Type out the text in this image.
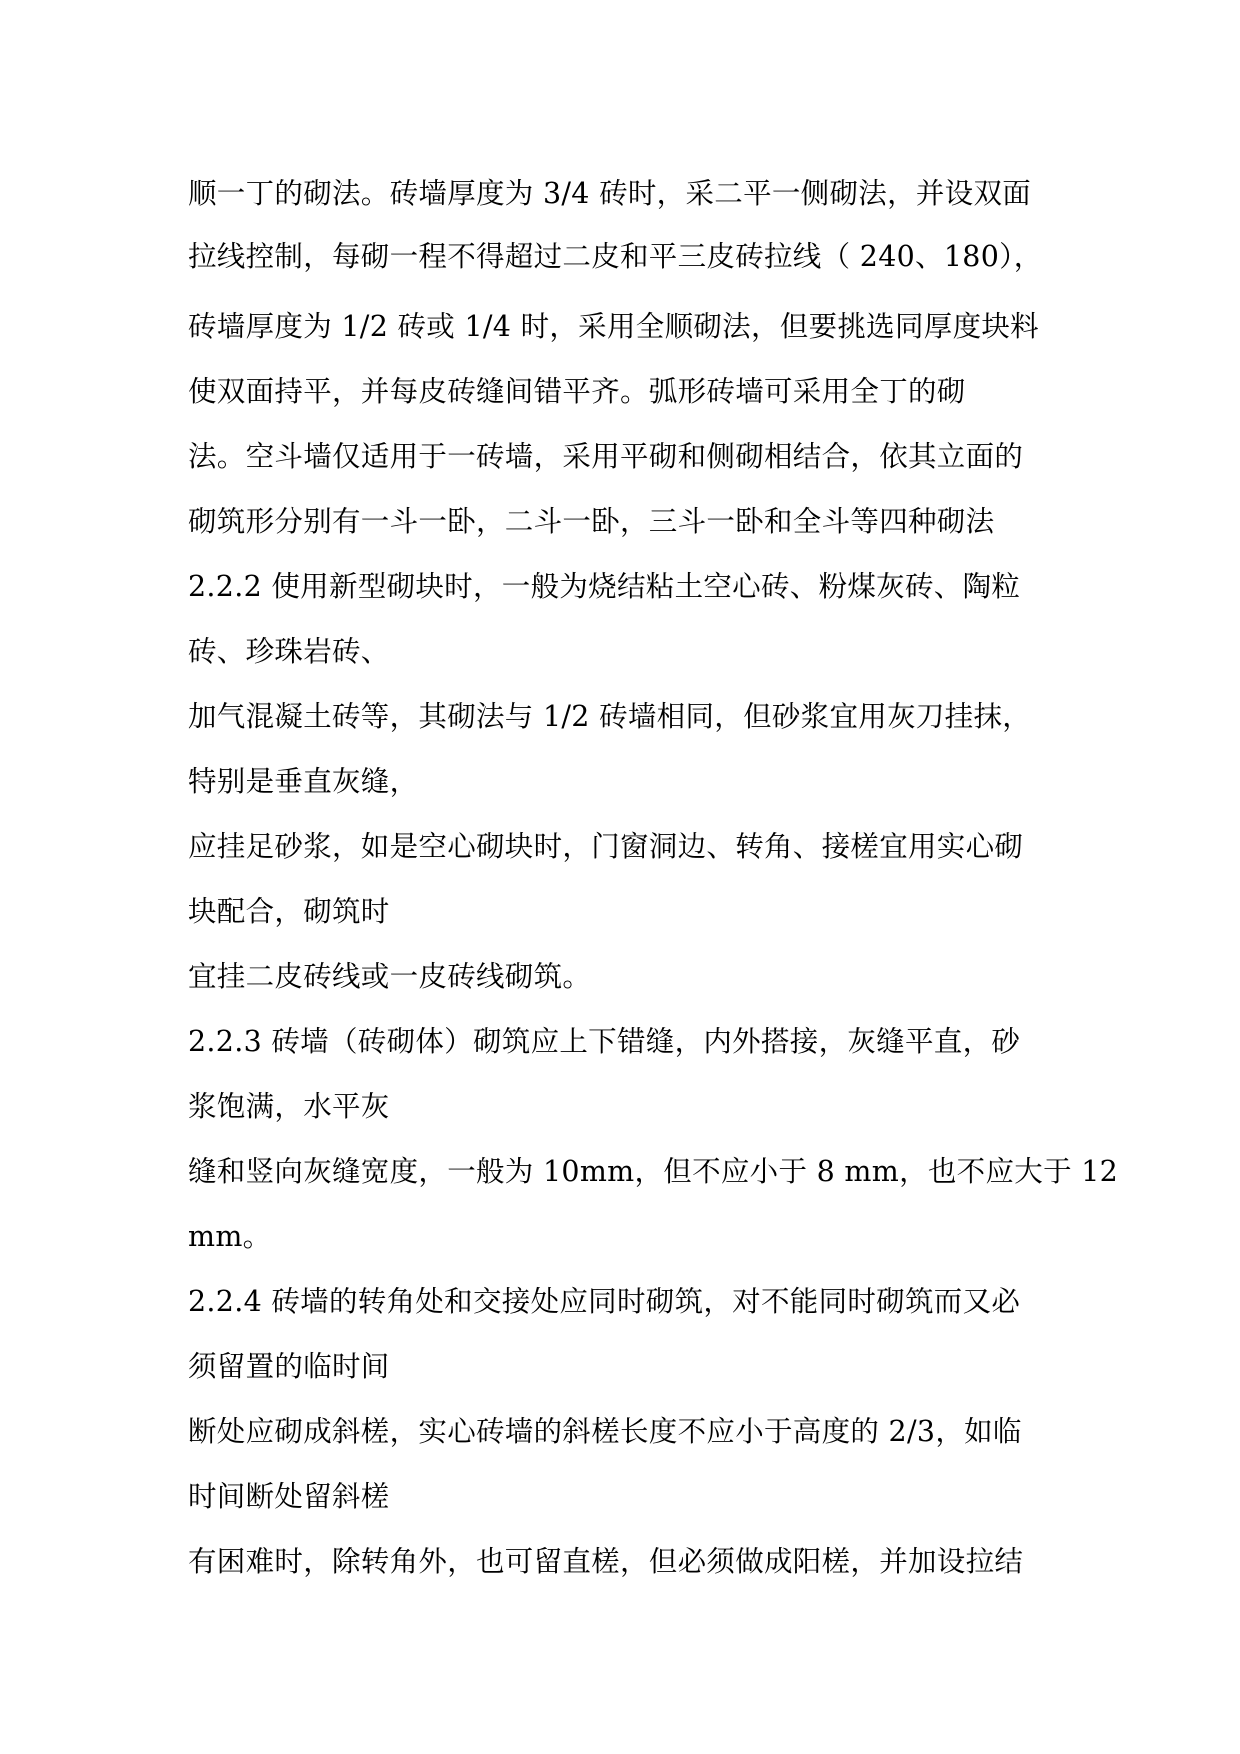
顺一丁的砌法。砖墙厚度为 3/4 砖时，采二平一侧砌法，并设双面
拉线控制，每砌一程不得超过二皮和平三皮砖拉线（ 240、180），
砖墙厚度为 1/2 砖或 1/4 时，采用全顺砌法，但要挑选同厚度块料
使双面持平，并每皮砖缝间错平齐。弧形砖墙可采用全丁的砌
法。空斗墙仅适用于一砖墙，采用平砌和侧砌相结合，依其立面的
砌筑形分别有一斗一卧，二斗一卧，三斗一卧和全斗等四种砌法
2.2.2 使用新型砌块时，一般为烧结粘土空心砖、粉煤灰砖、陶粒
砖、珍珠岩砖、
加气混凝土砖等，其砌法与 1/2 砖墙相同，但砂浆宜用灰刀挂抹，
特别是垂直灰缝，
应挂足砂浆，如是空心砌块时，门窗洞边、转角、接槎宜用实心砌
块配合，砌筑时
宜挂二皮砖线或一皮砖线砌筑。
2.2.3 砖墙（砖砌体）砌筑应上下错缝，内外搭接，灰缝平直，砂
浆饱满，水平灰
缝和竖向灰缝宽度，一般为 10mm，但不应小于 8 mm，也不应大于 12
mm。
2.2.4 砖墙的转角处和交接处应同时砌筑，对不能同时砌筑而又必
须留置的临时间
断处应砌成斜槎，实心砖墙的斜槎长度不应小于高度的 2/3，如临
时间断处留斜槎
有困难时，除转角外，也可留直槎，但必须做成阳槎，并加设拉结
